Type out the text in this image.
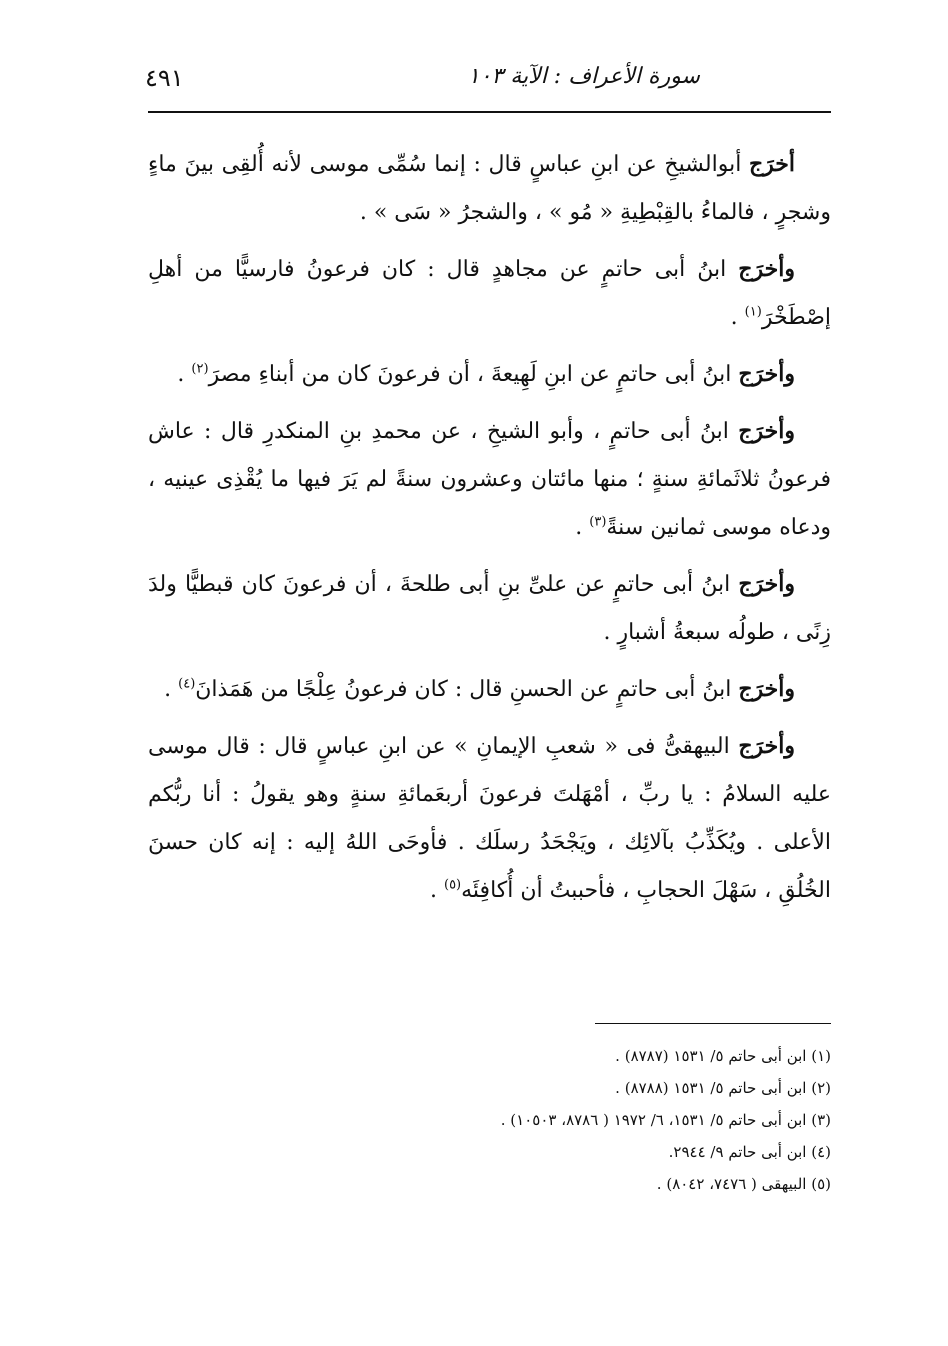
٤٩١	سورة الأعراف : الآية ١٠٣

أخرَج أبوالشيخِ عن ابنِ عباسٍ قال : إنما سُمِّى موسى لأنه أُلقِى بينَ ماءٍ وشجرٍ ، فالماءُ بالقِبْطِيةِ « مُو » ، والشجرُ « سَى » .

وأخرَج ابنُ أبى حاتمٍ عن مجاهدٍ قال : كان فرعونُ فارسيًّا من أهلِ إصْطَخْرَ$^{(١)}$ .

وأخرَج ابنُ أبى حاتمٍ عن ابنِ لَهِيعةَ ، أن فرعونَ كان من أبناءِ مصرَ$^{(٢)}$ .

وأخرَج ابنُ أبى حاتمٍ ، وأبو الشيخِ ، عن محمدِ بنِ المنكدرِ قال : عاش فرعونُ ثلاثَمائةِ سنةٍ ؛ منها مائتان وعشرون سنةً لم يَرَ فيها ما يُقْذِى عينيه ، ودعاه موسى ثمانين سنةً$^{(٣)}$ .

وأخرَج ابنُ أبى حاتمٍ عن علىِّ بنِ أبى طلحةَ ، أن فرعونَ كان قبطيًّا ولدَ زِنًى ، طولُه سبعةُ أشبارٍ .

وأخرَج ابنُ أبى حاتمٍ عن الحسنِ قال : كان فرعونُ عِلْجًا من هَمَذانَ$^{(٤)}$ .

وأخرَج البيهقىُّ فى « شعبِ الإيمانِ » عن ابنِ عباسٍ قال : قال موسى عليه السلامُ : يا ربِّ ، أمْهَلتَ فرعونَ أربعَمائةِ سنةٍ وهو يقولُ : أنا ربُّكم الأعلى . ويُكَذِّبُ بآلائِك ، ويَجْحَدُ رسلَك . فأوحَى اللهُ إليه : إنه كان حسنَ الخُلُقِ ، سَهْلَ الحجابِ ، فأحببتُ أن أُكافِئَه$^{(٥)}$ .

(١) ابن أبى حاتم ٥/ ١٥٣١ (٨٧٨٧) .
(٢) ابن أبى حاتم ٥/ ١٥٣١ (٨٧٨٨) .
(٣) ابن أبى حاتم ٥/ ١٥٣١، ٦/ ١٩٧٢ ( ٨٧٨٦، ١٠٥٠٣) .
(٤) ابن أبى حاتم ٩/ ٢٩٤٤.
(٥) البيهقى ( ٧٤٧٦، ٨٠٤٢) .
